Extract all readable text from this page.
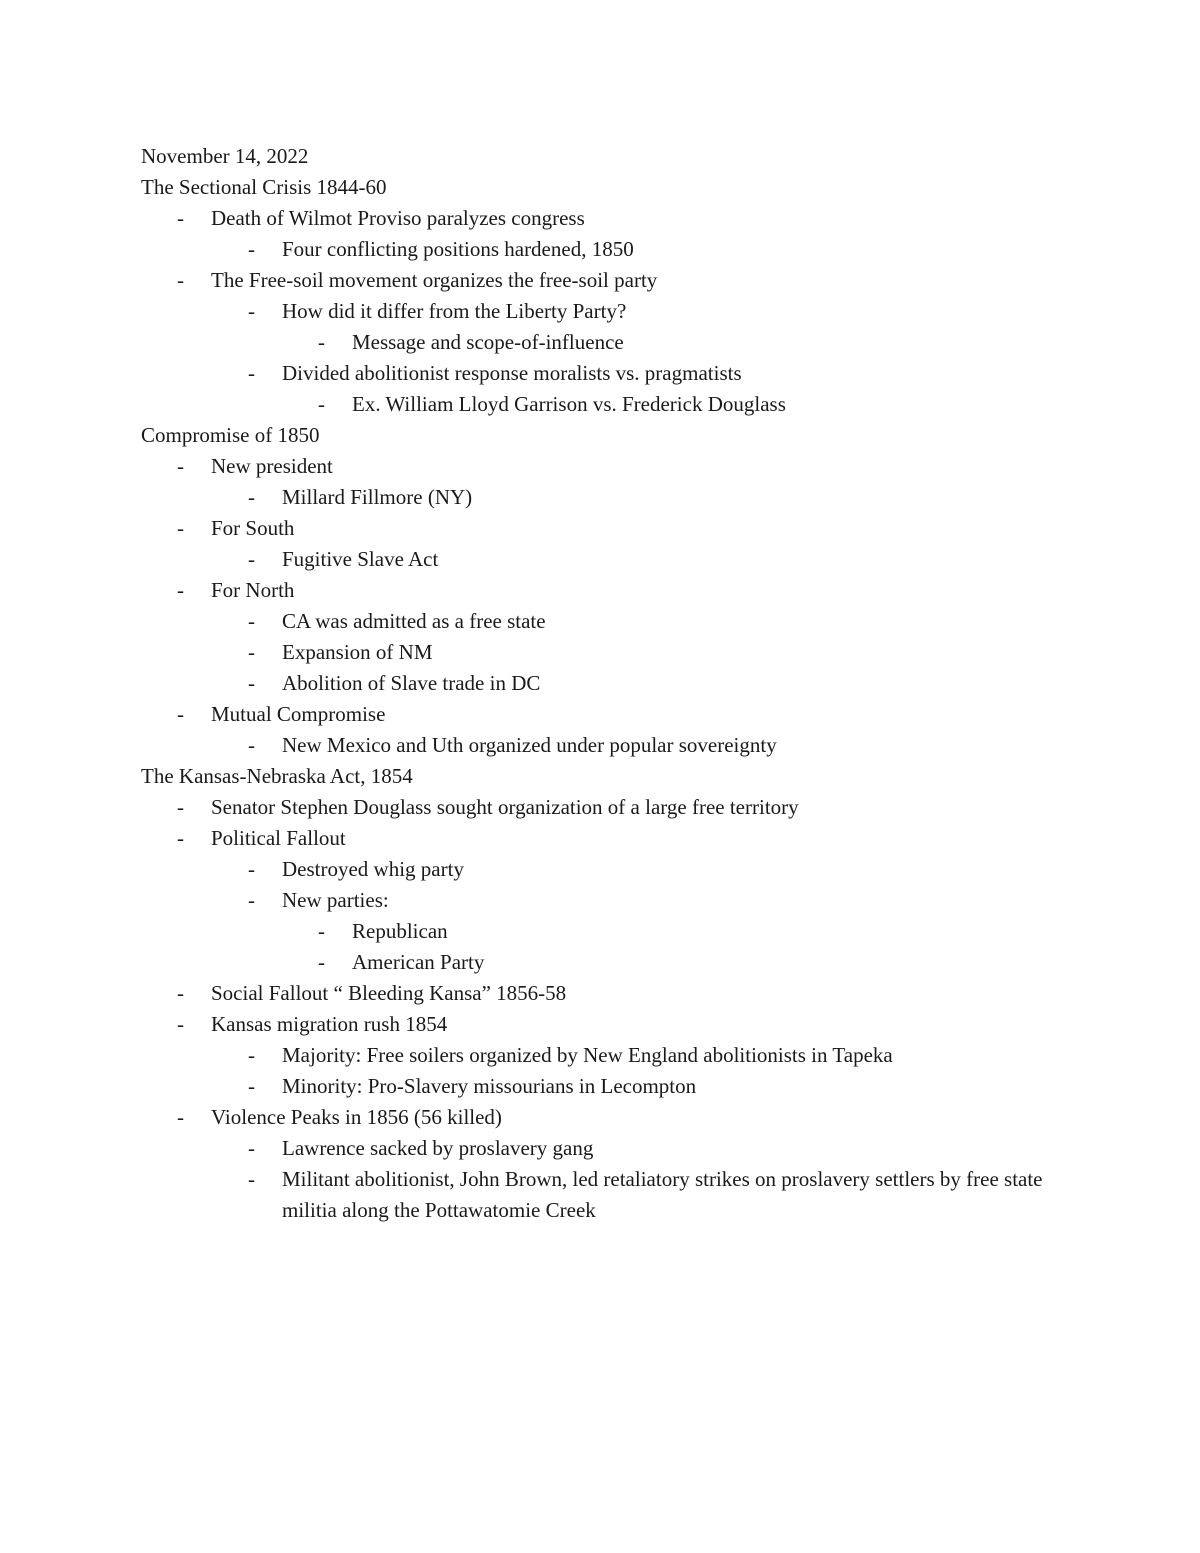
November 14, 2022
The Sectional Crisis 1844-60
- Death of Wilmot Proviso paralyzes congress
- Four conflicting positions hardened, 1850
- The Free-soil movement organizes the free-soil party
- How did it differ from the Liberty Party?
- Message and scope-of-influence
- Divided abolitionist response moralists vs. pragmatists
- Ex. William Lloyd Garrison vs. Frederick Douglass
Compromise of 1850
- New president
- Millard Fillmore (NY)
- For South
- Fugitive Slave Act
- For North
- CA was admitted as a free state
- Expansion of NM
- Abolition of Slave trade in DC
- Mutual Compromise
- New Mexico and Uth organized under popular sovereignty
The Kansas-Nebraska Act, 1854
- Senator Stephen Douglass sought organization of a large free territory
- Political Fallout
- Destroyed whig party
- New parties:
- Republican
- American Party
- Social Fallout “ Bleeding Kansa” 1856-58
- Kansas migration rush 1854
- Majority: Free soilers organized by New England abolitionists in Tapeka
- Minority: Pro-Slavery missourians in Lecompton
- Violence Peaks in 1856 (56 killed)
- Lawrence sacked by proslavery gang
- Militant abolitionist, John Brown, led retaliatory strikes on proslavery settlers by free state militia along the Pottawatomie Creek
